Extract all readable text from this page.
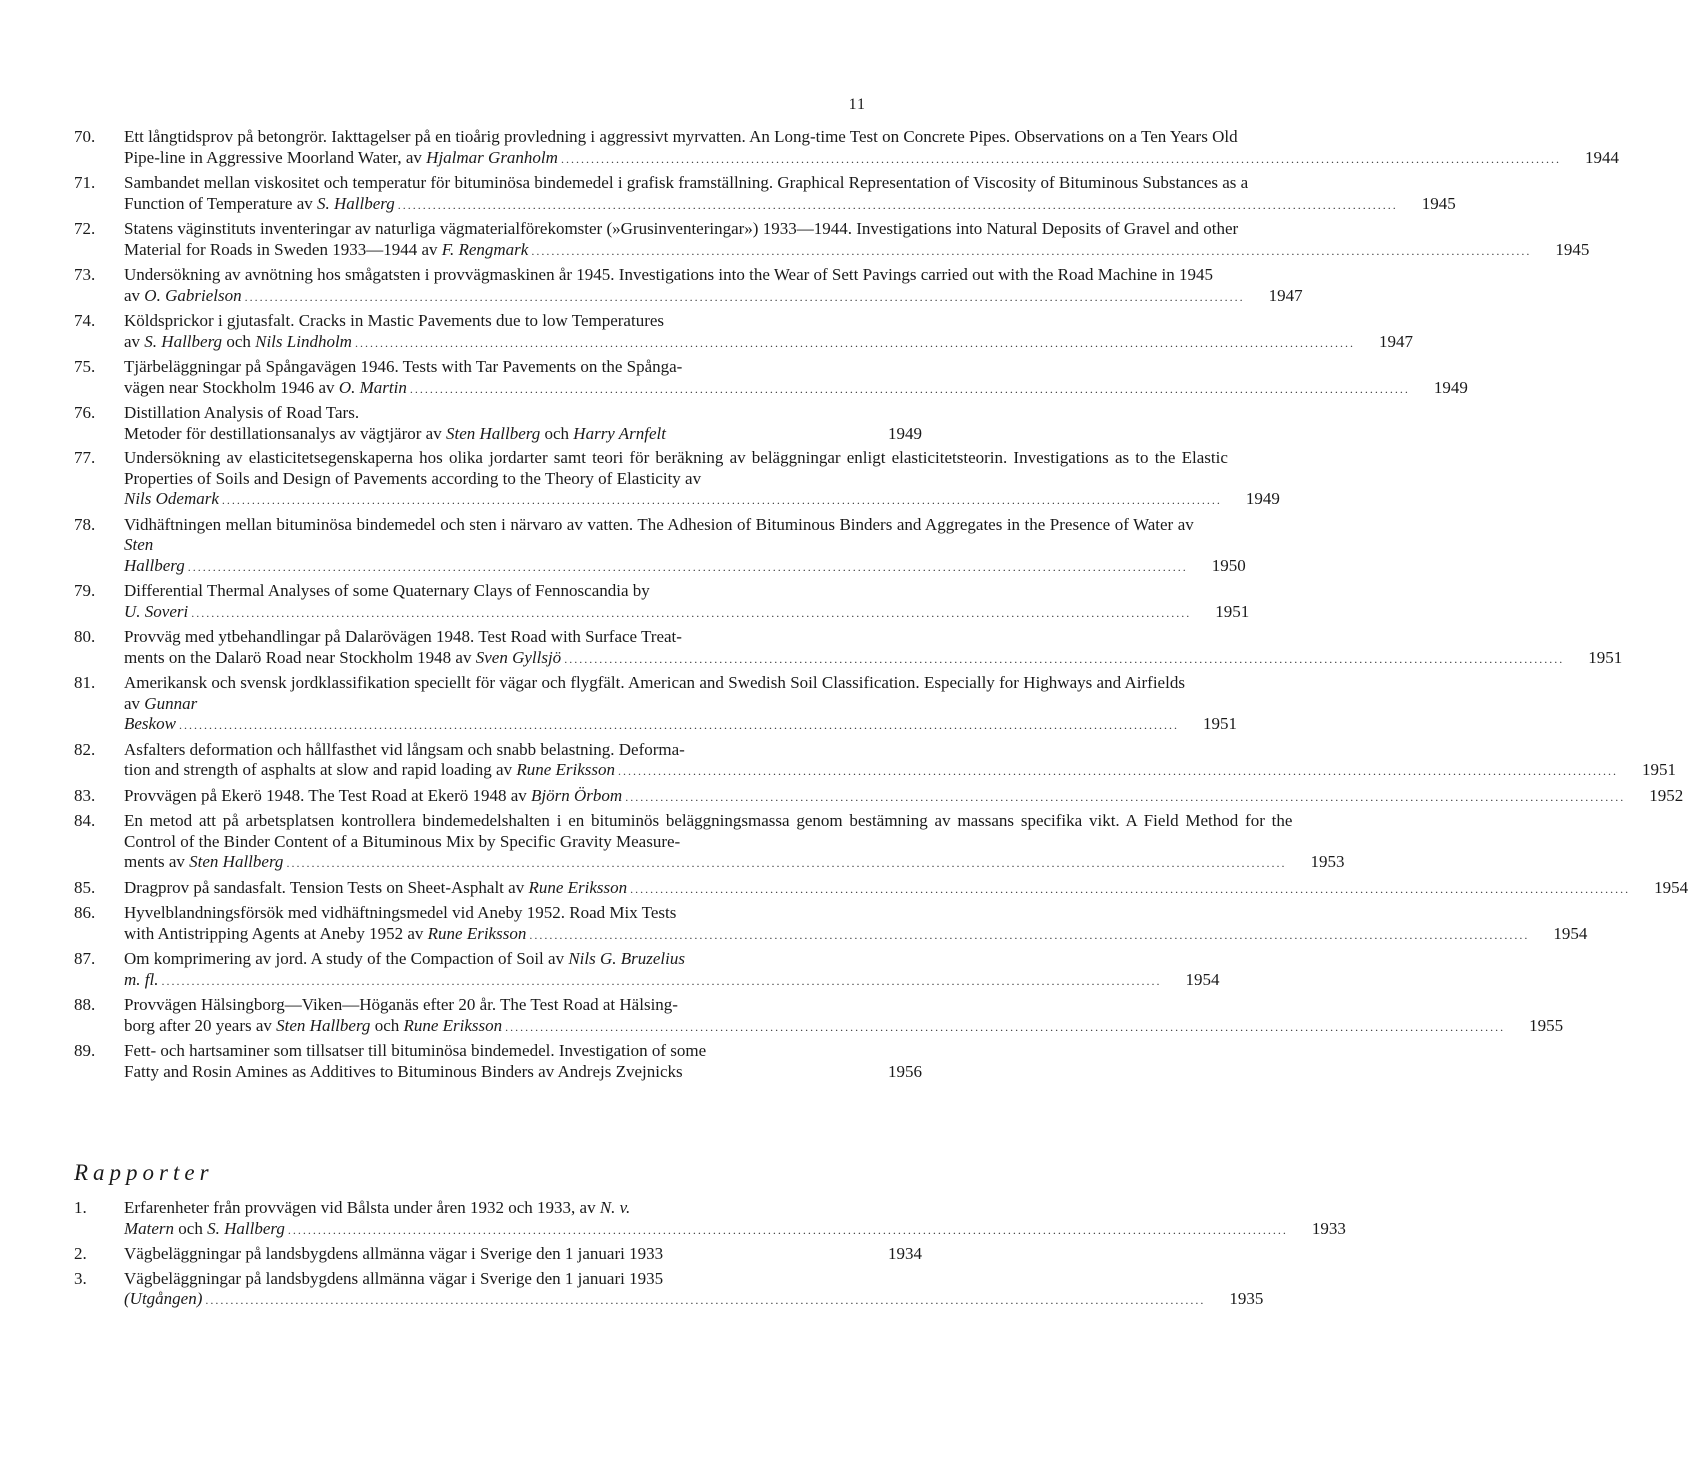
11
70.	Ett långtidsprov på betongrör. Iakttagelser på en tioårig provledning i aggressivt myrvatten. An Long-time Test on Concrete Pipes. Observations on a Ten Years Old
Pipe-line in Aggressive Moorland Water, av Hjalmar Granholm ........................................................................................................................................................................................................	1944
71.	Sambandet mellan viskositet och temperatur för bituminösa bindemedel i grafisk framställning. Graphical Representation of Viscosity of Bituminous Substances as a
Function of Temperature av S. Hallberg ........................................................................................................................................................................................................	1945
72.	Statens väginstituts inventeringar av naturliga vägmaterialförekomster (»Grusinventeringar») 1933—1944. Investigations into Natural Deposits of Gravel and other
Material for Roads in Sweden 1933—1944 av F. Rengmark ........................................................................................................................................................................................................	1945
73.	Undersökning av avnötning hos smågatsten i provvägmaskinen år 1945. Investigations into the Wear of Sett Pavings carried out with the Road Machine in 1945
av O. Gabrielson ........................................................................................................................................................................................................	1947
74.	Köldsprickor i gjutasfalt. Cracks in Mastic Pavements due to low Temperatures
av S. Hallberg och Nils Lindholm ........................................................................................................................................................................................................	1947
75.	Tjärbeläggningar på Spångavägen 1946. Tests with Tar Pavements on the Spånga-
vägen near Stockholm 1946 av O. Martin ........................................................................................................................................................................................................	1949
76.	Distillation Analysis of Road Tars.
Metoder för destillationsanalys av vägtjäror av Sten Hallberg och Harry Arnfelt	1949
77.	Undersökning av elasticitetsegenskaperna hos olika jordarter samt teori för beräkning av beläggningar enligt elasticitetsteorin. Investigations as to the Elastic Properties of Soils and Design of Pavements according to the Theory of Elasticity av
Nils Odemark ........................................................................................................................................................................................................	1949
78.	Vidhäftningen mellan bituminösa bindemedel och sten i närvaro av vatten. The Adhesion of Bituminous Binders and Aggregates in the Presence of Water av Sten
Hallberg ........................................................................................................................................................................................................	1950
79.	Differential Thermal Analyses of some Quaternary Clays of Fennoscandia by
U. Soveri ........................................................................................................................................................................................................	1951
80.	Provväg med ytbehandlingar på Dalarövägen 1948. Test Road with Surface Treat-
ments on the Dalarö Road near Stockholm 1948 av Sven Gyllsjö ........................................................................................................................................................................................................	1951
81.	Amerikansk och svensk jordklassifikation speciellt för vägar och flygfält. American and Swedish Soil Classification. Especially for Highways and Airfields av Gunnar
Beskow ........................................................................................................................................................................................................	1951
82.	Asfalters deformation och hållfasthet vid långsam och snabb belastning. Deforma-
tion and strength of asphalts at slow and rapid loading av Rune Eriksson ........................................................................................................................................................................................................	1951
83.	Provvägen på Ekerö 1948. The Test Road at Ekerö 1948 av Björn Örbom ........................................................................................................................................................................................................	1952
84.	En metod att på arbetsplatsen kontrollera bindemedelshalten i en bituminös beläggningsmassa genom bestämning av massans specifika vikt. A Field Method for the Control of the Binder Content of a Bituminous Mix by Specific Gravity Measure-
ments av Sten Hallberg ........................................................................................................................................................................................................	1953
85.	Dragprov på sandasfalt. Tension Tests on Sheet-Asphalt av Rune Eriksson ........................................................................................................................................................................................................	1954
86.	Hyvelblandningsförsök med vidhäftningsmedel vid Aneby 1952. Road Mix Tests
with Antistripping Agents at Aneby 1952 av Rune Eriksson ........................................................................................................................................................................................................	1954
87.	Om komprimering av jord. A study of the Compaction of Soil av Nils G. Bruzelius
m. fl. ........................................................................................................................................................................................................	1954
88.	Provvägen Hälsingborg—Viken—Höganäs efter 20 år. The Test Road at Hälsing-
borg after 20 years av Sten Hallberg och Rune Eriksson ........................................................................................................................................................................................................	1955
89.	Fett- och hartsaminer som tillsatser till bituminösa bindemedel. Investigation of some
Fatty and Rosin Amines as Additives to Bituminous Binders av Andrejs Zvejnicks	1956
Rapporter
1.	Erfarenheter från provvägen vid Bålsta under åren 1932 och 1933, av N. v.
Matern och S. Hallberg ........................................................................................................................................................................................................	1933
2.	Vägbeläggningar på landsbygdens allmänna vägar i Sverige den 1 januari 1933	1934
3.	Vägbeläggningar på landsbygdens allmänna vägar i Sverige den 1 januari 1935
(Utgången) ........................................................................................................................................................................................................	1935
